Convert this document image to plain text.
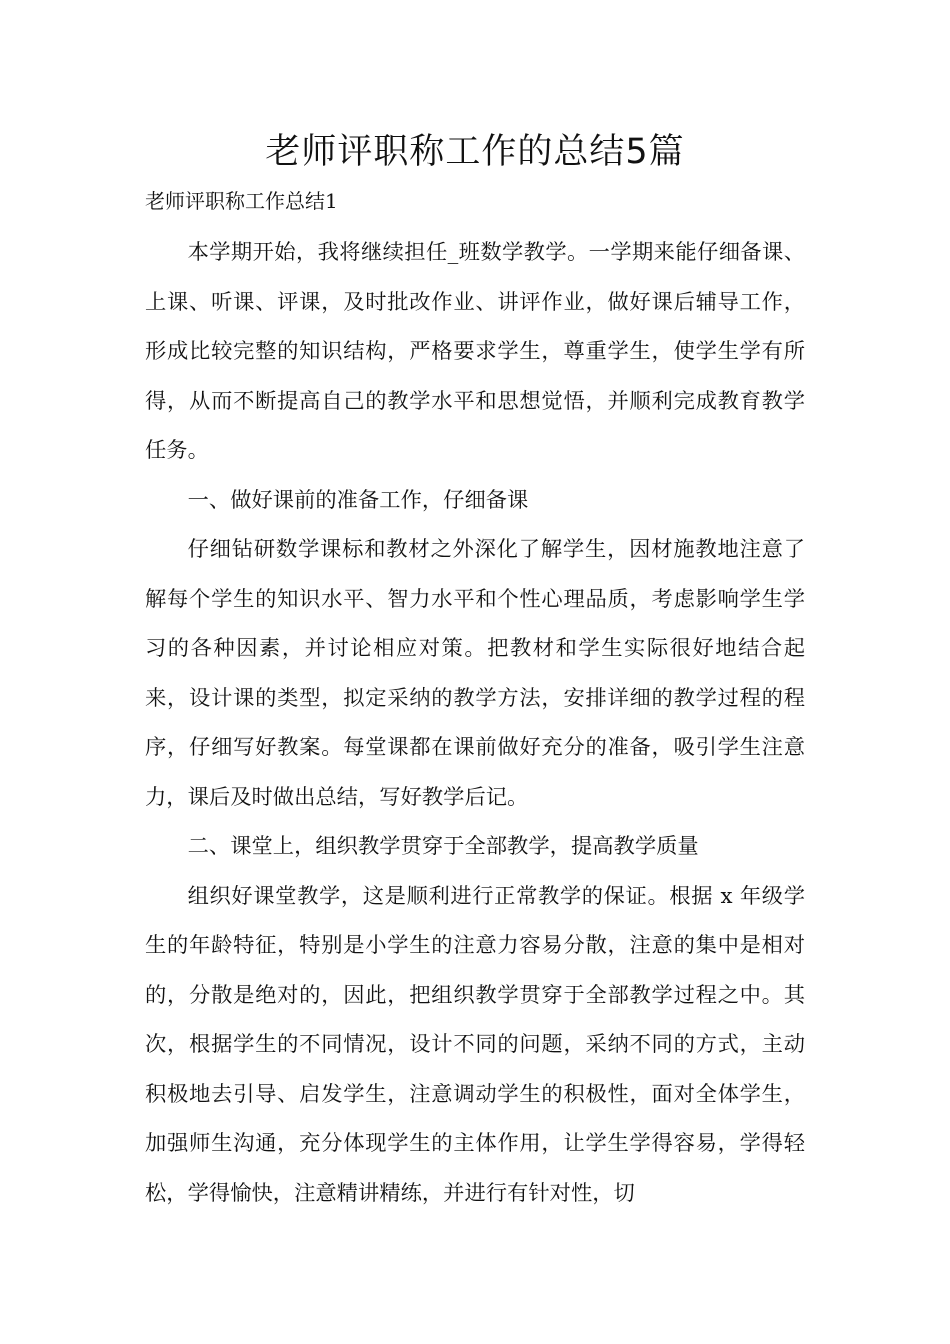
老师评职称工作的总结5篇
老师评职称工作总结1

本学期开始，我将继续担任_班数学教学。一学期来能仔细备课、上课、听课、评课，及时批改作业、讲评作业，做好课后辅导工作，形成比较完整的知识结构，严格要求学生，尊重学生，使学生学有所得，从而不断提高自己的教学水平和思想觉悟，并顺利完成教育教学任务。

一、做好课前的准备工作，仔细备课

仔细钻研数学课标和教材之外深化了解学生，因材施教地注意了解每个学生的知识水平、智力水平和个性心理品质，考虑影响学生学习的各种因素，并讨论相应对策。把教材和学生实际很好地结合起来，设计课的类型，拟定采纳的教学方法，安排详细的教学过程的程序，仔细写好教案。每堂课都在课前做好充分的准备，吸引学生注意力，课后及时做出总结，写好教学后记。

二、课堂上，组织教学贯穿于全部教学，提高教学质量

组织好课堂教学，这是顺利进行正常教学的保证。根据 x 年级学生的年龄特征，特别是小学生的注意力容易分散，注意的集中是相对的，分散是绝对的，因此，把组织教学贯穿于全部教学过程之中。其次，根据学生的不同情况，设计不同的问题，采纳不同的方式，主动积极地去引导、启发学生，注意调动学生的积极性，面对全体学生，加强师生沟通，充分体现学生的主体作用，让学生学得容易，学得轻松，学得愉快，注意精讲精练，并进行有针对性，切
